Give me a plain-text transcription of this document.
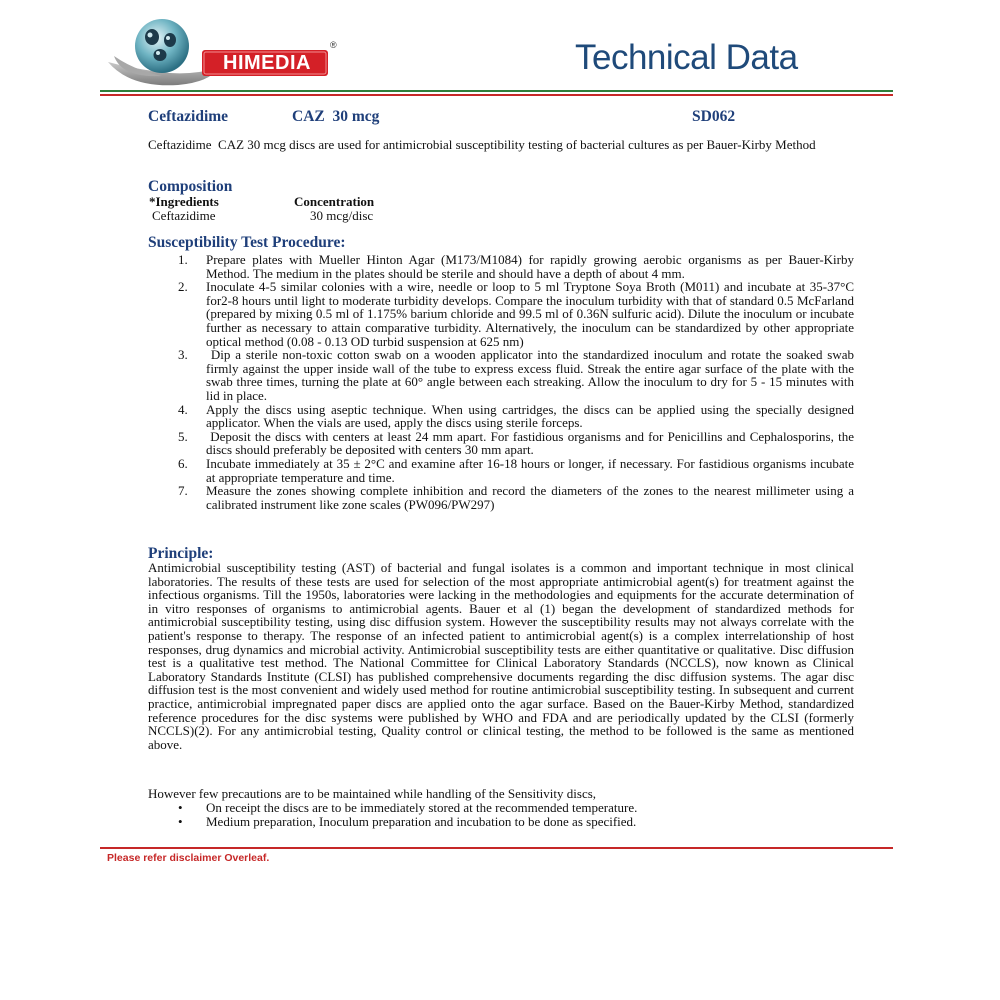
HIMEDIA
®	Technical Data
Ceftazidime	CAZ  30 mcg	SD062
Ceftazidime  CAZ 30 mcg discs are used for antimicrobial susceptibility testing of bacterial cultures as per Bauer-Kirby Method
Composition
*Ingredients	Concentration
Ceftazidime	30 mcg/disc
Susceptibility Test Procedure:
1.	Prepare plates with Mueller Hinton Agar (M173/M1084) for rapidly growing aerobic organisms as per Bauer-Kirby Method. The medium in the plates should be sterile and should have a depth of about 4 mm.
2.	Inoculate 4-5 similar colonies with a wire, needle or loop to 5 ml Tryptone Soya Broth (M011) and incubate at 35-37°C for2-8 hours until light to moderate turbidity develops. Compare the inoculum turbidity with that of standard 0.5 McFarland (prepared by mixing 0.5 ml of 1.175% barium chloride and 99.5 ml of 0.36N sulfuric acid). Dilute the inoculum or incubate further as necessary to attain comparative turbidity. Alternatively, the inoculum can be standardized by other appropriate optical method (0.08 - 0.13 OD turbid suspension at 625 nm)
3.	Dip a sterile non-toxic cotton swab on a wooden applicator into the standardized inoculum and rotate the soaked swab firmly against the upper inside wall of the tube to express excess fluid. Streak the entire agar surface of the plate with the swab three times, turning the plate at 60° angle between each streaking. Allow the inoculum to dry for 5 - 15 minutes with lid in place.
4.	Apply the discs using aseptic technique. When using cartridges, the discs can be applied using the specially designed applicator. When the vials are used, apply the discs using sterile forceps.
5.	Deposit the discs with centers at least 24 mm apart. For fastidious organisms and for Penicillins and Cephalosporins, the discs should preferably be deposited with centers 30 mm apart.
6.	Incubate immediately at 35 ± 2°C and examine after 16-18 hours or longer, if necessary. For fastidious organisms incubate at appropriate temperature and time.
7.	Measure the zones showing complete inhibition and record the diameters of the zones to the nearest millimeter using a calibrated instrument like zone scales (PW096/PW297)
Principle:
Antimicrobial susceptibility testing (AST) of bacterial and fungal isolates is a common and important technique in most clinical laboratories. The results of these tests are used for selection of the most appropriate antimicrobial agent(s) for treatment against the infectious organisms. Till the 1950s, laboratories were lacking in the methodologies and equipments for the accurate determination of in vitro responses of organisms to antimicrobial agents. Bauer et al (1) began the development of standardized methods for antimicrobial susceptibility testing, using disc diffusion system. However the susceptibility results may not always correlate with the patient's response to therapy. The response of an infected patient to antimicrobial agent(s) is a complex interrelationship of host responses, drug dynamics and microbial activity. Antimicrobial susceptibility tests are either quantitative or qualitative. Disc diffusion test is a qualitative test method. The National Committee for Clinical Laboratory Standards (NCCLS), now known as Clinical Laboratory Standards Institute (CLSI) has published comprehensive documents regarding the disc diffusion systems. The agar disc diffusion test is the most convenient and widely used method for routine antimicrobial susceptibility testing. In subsequent and current practice, antimicrobial impregnated paper discs are applied onto the agar surface. Based on the Bauer-Kirby Method, standardized reference procedures for the disc systems were published by WHO and FDA and are periodically updated by the CLSI (formerly NCCLS)(2). For any antimicrobial testing, Quality control or clinical testing, the method to be followed is the same as mentioned above.
However few precautions are to be maintained while handling of the Sensitivity discs,
•	On receipt the discs are to be immediately stored at the recommended temperature.
•	Medium preparation, Inoculum preparation and incubation to be done as specified.
Please refer disclaimer Overleaf.
